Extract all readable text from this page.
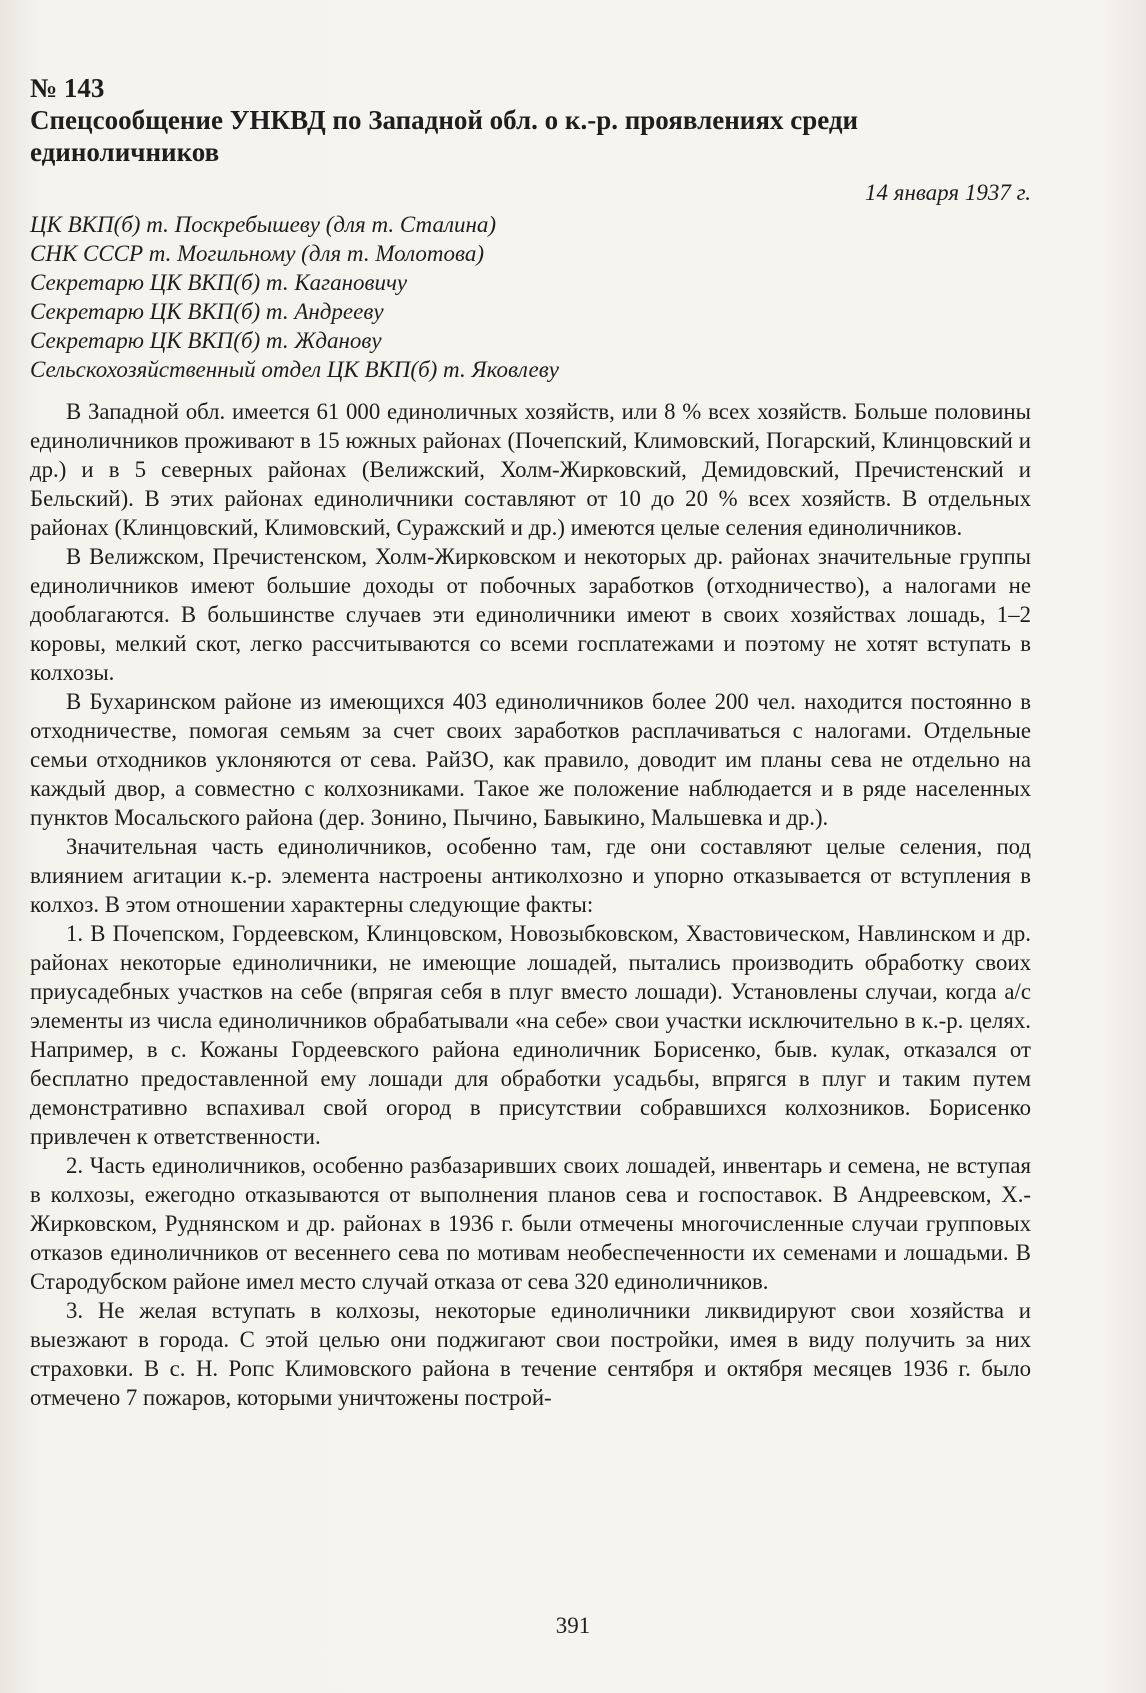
№ 143

Спецсообщение УНКВД по Западной обл. о к.-р. проявлениях среди единоличников

14 января 1937 г.

ЦК ВКП(б) т. Поскребышеву (для т. Сталина)
СНК СССР т. Могильному (для т. Молотова)
Секретарю ЦК ВКП(б) т. Кагановичу
Секретарю ЦК ВКП(б) т. Андрееву
Секретарю ЦК ВКП(б) т. Жданову
Сельскохозяйственный отдел ЦК ВКП(б) т. Яковлеву

В Западной обл. имеется 61 000 единоличных хозяйств, или 8 % всех хозяйств. Больше половины единоличников проживают в 15 южных районах (Почепский, Климовский, Погарский, Клинцовский и др.) и в 5 северных районах (Велижский, Холм-Жирковский, Демидовский, Пречистенский и Бельский). В этих районах единоличники составляют от 10 до 20 % всех хозяйств. В отдельных районах (Клинцовский, Климовский, Суражский и др.) имеются целые селения единоличников.

В Велижском, Пречистенском, Холм-Жирковском и некоторых др. районах значительные группы единоличников имеют большие доходы от побочных заработков (отходничество), а налогами не дооблагаются. В большинстве случаев эти единоличники имеют в своих хозяйствах лошадь, 1–2 коровы, мелкий скот, легко рассчитываются со всеми госплатежами и поэтому не хотят вступать в колхозы.

В Бухаринском районе из имеющихся 403 единоличников более 200 чел. находится постоянно в отходничестве, помогая семьям за счет своих заработков расплачиваться с налогами. Отдельные семьи отходников уклоняются от сева. РайЗО, как правило, доводит им планы сева не отдельно на каждый двор, а совместно с колхозниками. Такое же положение наблюдается и в ряде населенных пунктов Мосальского района (дер. Зонино, Пычино, Бавыкино, Мальшевка и др.).

Значительная часть единоличников, особенно там, где они составляют целые селения, под влиянием агитации к.-р. элемента настроены антиколхозно и упорно отказывается от вступления в колхоз. В этом отношении характерны следующие факты:

1. В Почепском, Гордеевском, Клинцовском, Новозыбковском, Хвастовическом, Навлинском и др. районах некоторые единоличники, не имеющие лошадей, пытались производить обработку своих приусадебных участков на себе (впрягая себя в плуг вместо лошади). Установлены случаи, когда а/с элементы из числа единоличников обрабатывали «на себе» свои участки исключительно в к.-р. целях. Например, в с. Кожаны Гордеевского района единоличник Борисенко, быв. кулак, отказался от бесплатно предоставленной ему лошади для обработки усадьбы, впрягся в плуг и таким путем демонстративно вспахивал свой огород в присутствии собравшихся колхозников. Борисенко привлечен к ответственности.

2. Часть единоличников, особенно разбазаривших своих лошадей, инвентарь и семена, не вступая в колхозы, ежегодно отказываются от выполнения планов сева и госпоставок. В Андреевском, Х.-Жирковском, Руднянском и др. районах в 1936 г. были отмечены многочисленные случаи групповых отказов единоличников от весеннего сева по мотивам необеспеченности их семенами и лошадьми. В Стародубском районе имел место случай отказа от сева 320 единоличников.

3. Не желая вступать в колхозы, некоторые единоличники ликвидируют свои хозяйства и выезжают в города. С этой целью они поджигают свои постройки, имея в виду получить за них страховки. В с. Н. Ропс Климовского района в течение сентября и октября месяцев 1936 г. было отмечено 7 пожаров, которыми уничтожены построй-

391
